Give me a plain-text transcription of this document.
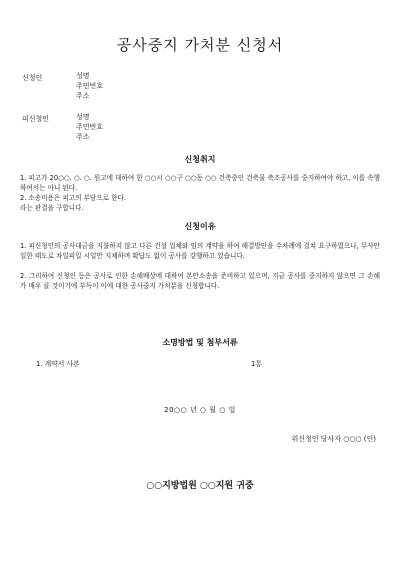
공사중지 가처분 신청서
신청인	성명
주민번호
주소
피신청인	성명
주민번호
주소
신청취지
1. 피고가 20○○. ○. ○. 원고에 대하여 한 ○○시 ○○구 ○○동 ○○ 건축중인 건축물 축조공사를 중지하여야 하고, 이를 속행하여서는 아니 된다.
2. 소송비용은 피고의 부담으로 한다.
라는 판결을 구합니다.
신청이유
1. 피신청인의 공사대금을 지불하지 않고 다른 건설 업체와 임의 계약을 하여 해결방안을 수차례에 걸쳐 요구하였으나, 무사안일한 태도로 차일피일 시일만 지체하며 확답도 없이 공사를 강행하고 있습니다.
2. 그리하여 신청인 등은 공사로 인한 손해배상에 대하여 본안소송을 준비하고 있으며, 지금 공사를 중지하지 않으면 그 손해가 매우 클 것이기에 부득이 이에 대한 공사중지 가처분을 신청합니다.
소명방법 및 첨부서류
1. 계약서 사본	1통
20○○ 년 ○ 월 ○ 일
위신청인 당사자 ○○○ (인)
○○지방법원 ○○지원 귀중
